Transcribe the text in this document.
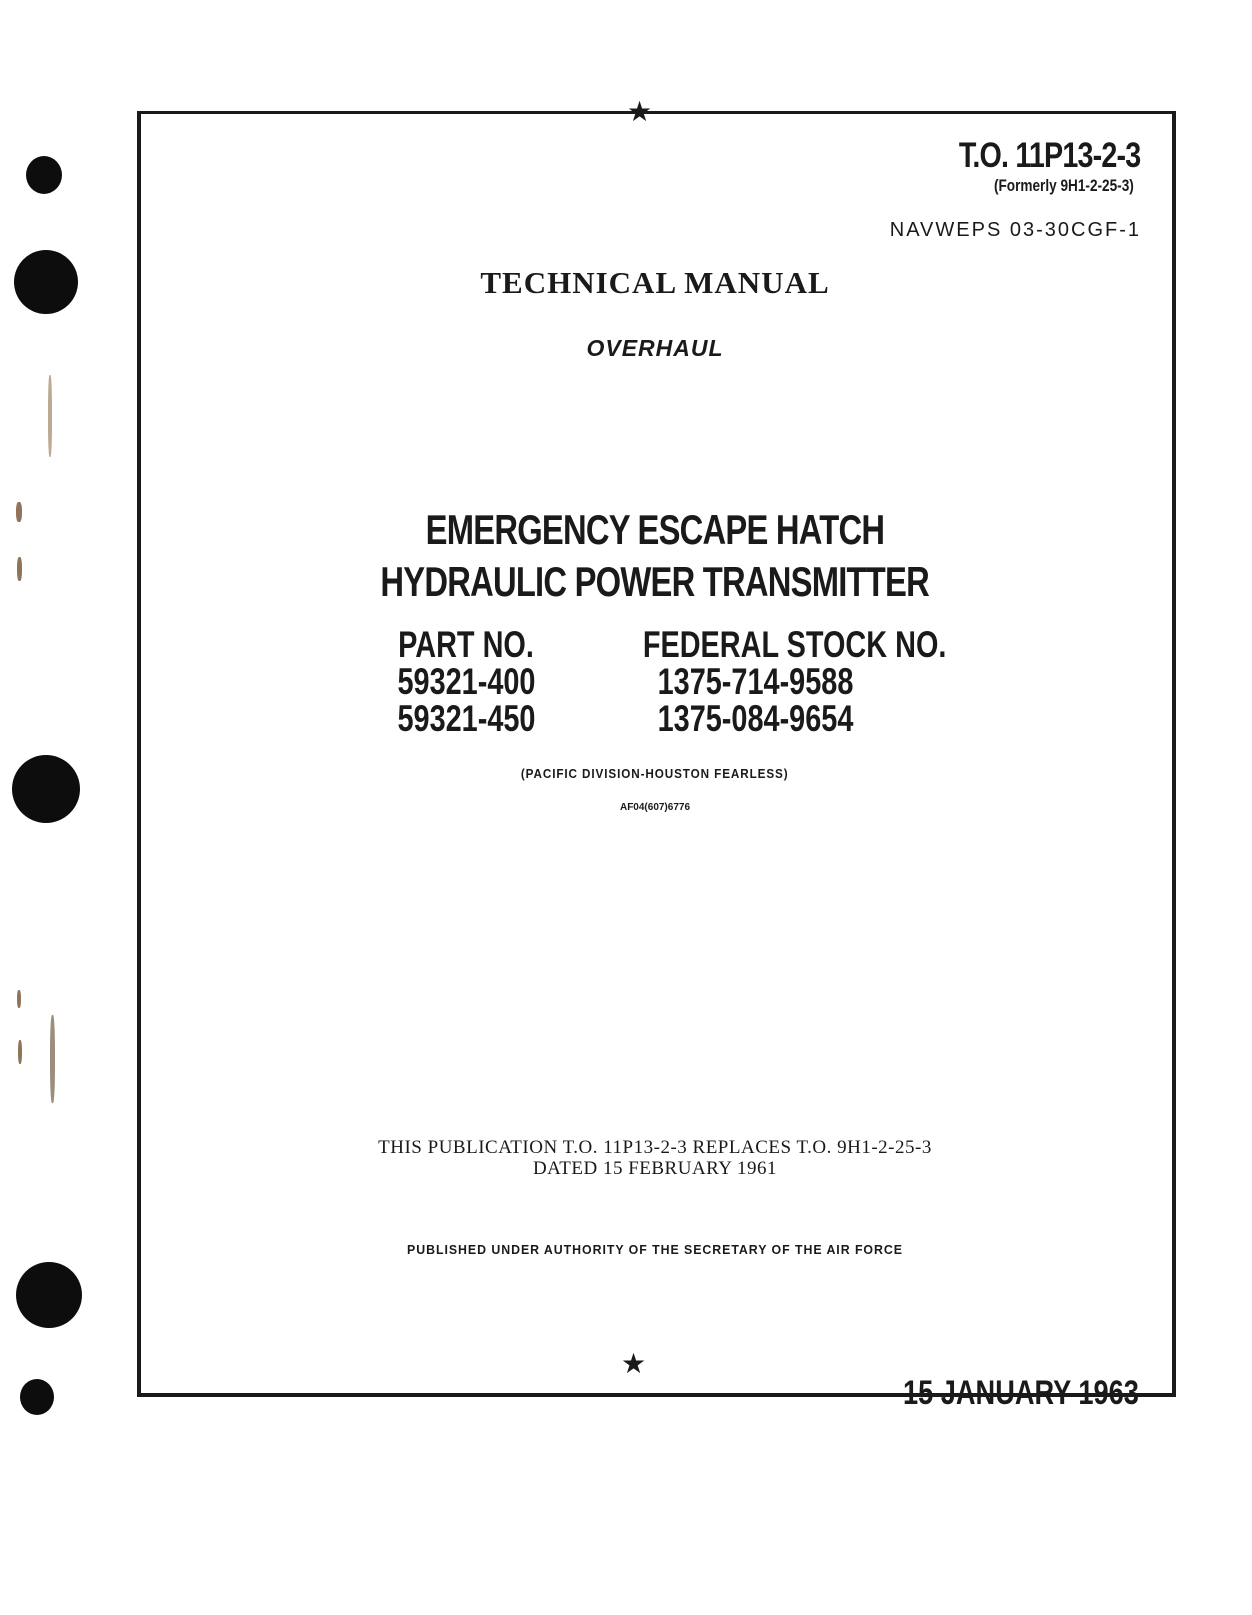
★
★
T.O. 11P13-2-3
(Formerly 9H1-2-25-3)
NAVWEPS 03-30CGF-1
TECHNICAL MANUAL
OVERHAUL
EMERGENCY ESCAPE HATCH
HYDRAULIC POWER TRANSMITTER
PART NO.
59321-400
59321-450
FEDERAL STOCK NO.
1375-714-9588
1375-084-9654
(PACIFIC DIVISION-HOUSTON FEARLESS)
AF04(607)6776
THIS PUBLICATION T.O. 11P13-2-3 REPLACES T.O. 9H1-2-25-3
DATED 15 FEBRUARY 1961
PUBLISHED UNDER AUTHORITY OF THE SECRETARY OF THE AIR FORCE
15 JANUARY 1963
